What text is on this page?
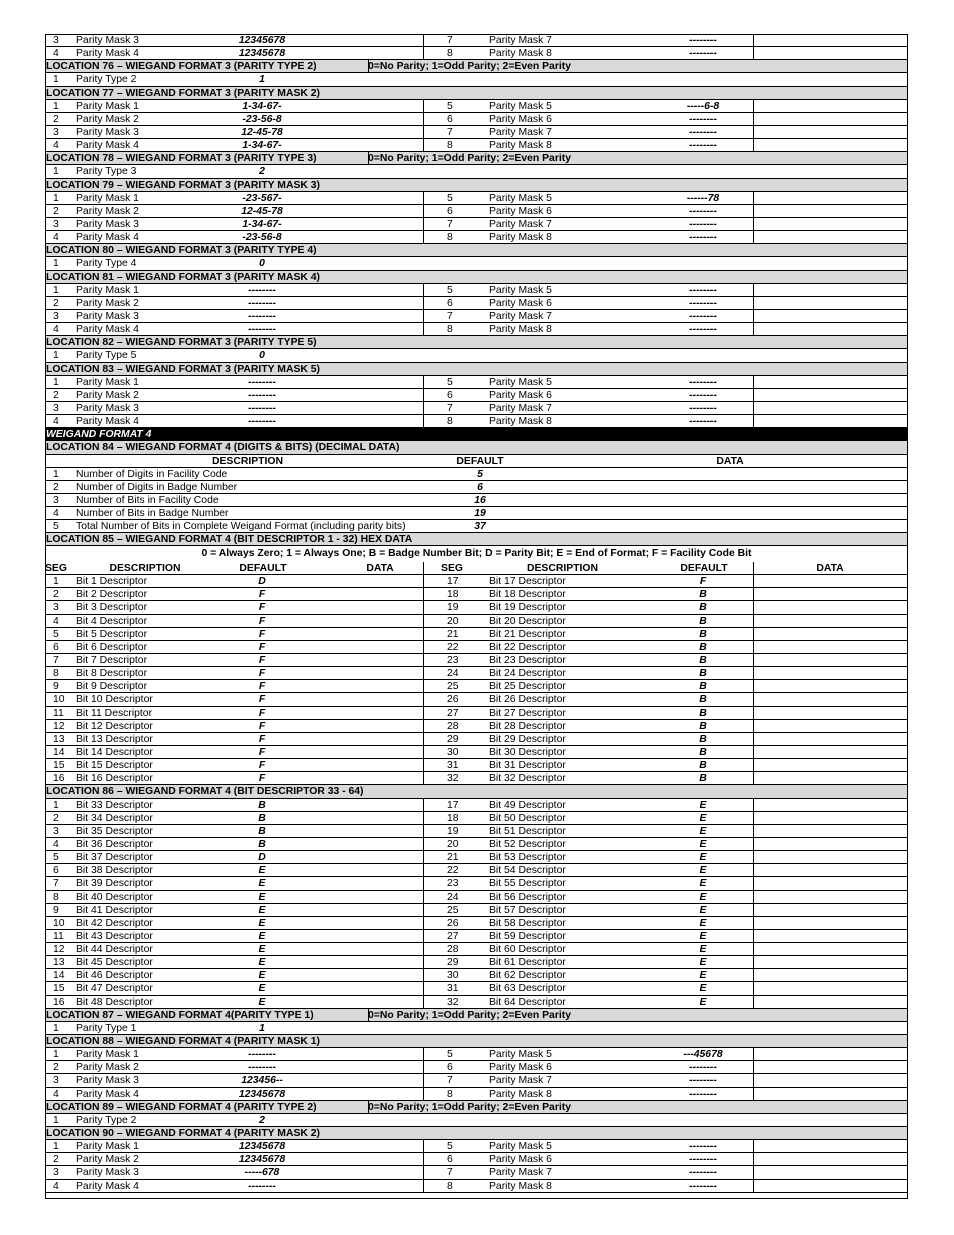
3 Parity Mask 3	12345678	7	Parity Mask 7	--------
4 Parity Mask 4	12345678	8	Parity Mask 8	--------
LOCATION 76 – WIEGAND FORMAT 3 (PARITY TYPE 2)	0=No Parity; 1=Odd Parity; 2=Even Parity
1 Parity Type 2	1
LOCATION 77 – WIEGAND FORMAT 3 (PARITY MASK 2)
1 Parity Mask 1	1-34-67-	5	Parity Mask 5	-----6-8
2 Parity Mask 2	-23-56-8	6	Parity Mask 6	--------
3 Parity Mask 3	12-45-78	7	Parity Mask 7	--------
4 Parity Mask 4	1-34-67-	8	Parity Mask 8	--------
LOCATION 78 – WIEGAND FORMAT 3 (PARITY TYPE 3)	0=No Parity; 1=Odd Parity; 2=Even Parity
1 Parity Type 3	2
LOCATION 79 – WIEGAND FORMAT 3 (PARITY MASK 3)
1 Parity Mask 1	-23-567-	5	Parity Mask 5	------78
2 Parity Mask 2	12-45-78	6	Parity Mask 6	--------
3 Parity Mask 3	1-34-67-	7	Parity Mask 7	--------
4 Parity Mask 4	-23-56-8	8	Parity Mask 8	--------
LOCATION 80 – WIEGAND FORMAT 3 (PARITY TYPE 4)
1 Parity Type 4	0
LOCATION 81 – WIEGAND FORMAT 3 (PARITY MASK 4)
1 Parity Mask 1	--------	5	Parity Mask 5	--------
2 Parity Mask 2	--------	6	Parity Mask 6	--------
3 Parity Mask 3	--------	7	Parity Mask 7	--------
4 Parity Mask 4	--------	8	Parity Mask 8	--------
LOCATION 82 – WIEGAND FORMAT 3 (PARITY TYPE 5)
1 Parity Type 5	0
LOCATION 83 – WIEGAND FORMAT 3 (PARITY MASK 5)
1 Parity Mask 1	--------	5	Parity Mask 5	--------
2 Parity Mask 2	--------	6	Parity Mask 6	--------
3 Parity Mask 3	--------	7	Parity Mask 7	--------
4 Parity Mask 4	--------	8	Parity Mask 8	--------
WEIGAND FORMAT 4
LOCATION 84 – WIEGAND FORMAT 4 (DIGITS & BITS) (DECIMAL DATA)
DESCRIPTION	DEFAULT	DATA
1 Number of Digits in Facility Code	5
2 Number of Digits in Badge Number	6
3 Number of Bits in Facility Code	16
4 Number of Bits in Badge Number	19
5 Total Number of Bits in Complete Weigand Format (including parity bits)	37
LOCATION 85 – WIEGAND FORMAT 4 (BIT DESCRIPTOR 1 - 32) HEX DATA
0 = Always Zero; 1 = Always One; B = Badge Number Bit; D = Parity Bit; E = End of Format; F = Facility Code Bit
SEG	DESCRIPTION	DEFAULT	DATA	SEG	DESCRIPTION	DEFAULT	DATA
1 Bit 1 Descriptor	D	17	Bit 17 Descriptor	F
2 Bit 2 Descriptor	F	18	Bit 18 Descriptor	B
3 Bit 3 Descriptor	F	19	Bit 19 Descriptor	B
4 Bit 4 Descriptor	F	20	Bit 20 Descriptor	B
5 Bit 5 Descriptor	F	21	Bit 21 Descriptor	B
6 Bit 6 Descriptor	F	22	Bit 22 Descriptor	B
7 Bit 7 Descriptor	F	23	Bit 23 Descriptor	B
8 Bit 8 Descriptor	F	24	Bit 24 Descriptor	B
9 Bit 9 Descriptor	F	25	Bit 25 Descriptor	B
10 Bit 10 Descriptor	F	26	Bit 26 Descriptor	B
11 Bit 11 Descriptor	F	27	Bit 27 Descriptor	B
12 Bit 12 Descriptor	F	28	Bit 28 Descriptor	B
13 Bit 13 Descriptor	F	29	Bit 29 Descriptor	B
14 Bit 14 Descriptor	F	30	Bit 30 Descriptor	B
15 Bit 15 Descriptor	F	31	Bit 31 Descriptor	B
16 Bit 16 Descriptor	F	32	Bit 32 Descriptor	B
LOCATION 86 – WIEGAND FORMAT 4 (BIT DESCRIPTOR 33 - 64)
1 Bit 33 Descriptor	B	17	Bit 49 Descriptor	E
2 Bit 34 Descriptor	B	18	Bit 50 Descriptor	E
3 Bit 35 Descriptor	B	19	Bit 51 Descriptor	E
4 Bit 36 Descriptor	B	20	Bit 52 Descriptor	E
5 Bit 37 Descriptor	D	21	Bit 53 Descriptor	E
6 Bit 38 Descriptor	E	22	Bit 54 Descriptor	E
7 Bit 39 Descriptor	E	23	Bit 55 Descriptor	E
8 Bit 40 Descriptor	E	24	Bit 56 Descriptor	E
9 Bit 41 Descriptor	E	25	Bit 57 Descriptor	E
10 Bit 42 Descriptor	E	26	Bit 58 Descriptor	E
11 Bit 43 Descriptor	E	27	Bit 59 Descriptor	E
12 Bit 44 Descriptor	E	28	Bit 60 Descriptor	E
13 Bit 45 Descriptor	E	29	Bit 61 Descriptor	E
14 Bit 46 Descriptor	E	30	Bit 62 Descriptor	E
15 Bit 47 Descriptor	E	31	Bit 63 Descriptor	E
16 Bit 48 Descriptor	E	32	Bit 64 Descriptor	E
LOCATION 87 – WIEGAND FORMAT 4(PARITY TYPE 1)	0=No Parity; 1=Odd Parity; 2=Even Parity
1 Parity Type 1	1
LOCATION 88 – WIEGAND FORMAT 4 (PARITY MASK 1)
1 Parity Mask 1	--------	5	Parity Mask 5	---45678
2 Parity Mask 2	--------	6	Parity Mask 6	--------
3 Parity Mask 3	123456--	7	Parity Mask 7	--------
4 Parity Mask 4	12345678	8	Parity Mask 8	--------
LOCATION 89 – WIEGAND FORMAT 4 (PARITY TYPE 2)	0=No Parity; 1=Odd Parity; 2=Even Parity
1 Parity Type 2	2
LOCATION 90 – WIEGAND FORMAT 4 (PARITY MASK 2)
1 Parity Mask 1	12345678	5	Parity Mask 5	--------
2 Parity Mask 2	12345678	6	Parity Mask 6	--------
3 Parity Mask 3	-----678	7	Parity Mask 7	--------
4 Parity Mask 4	--------	8	Parity Mask 8	--------
